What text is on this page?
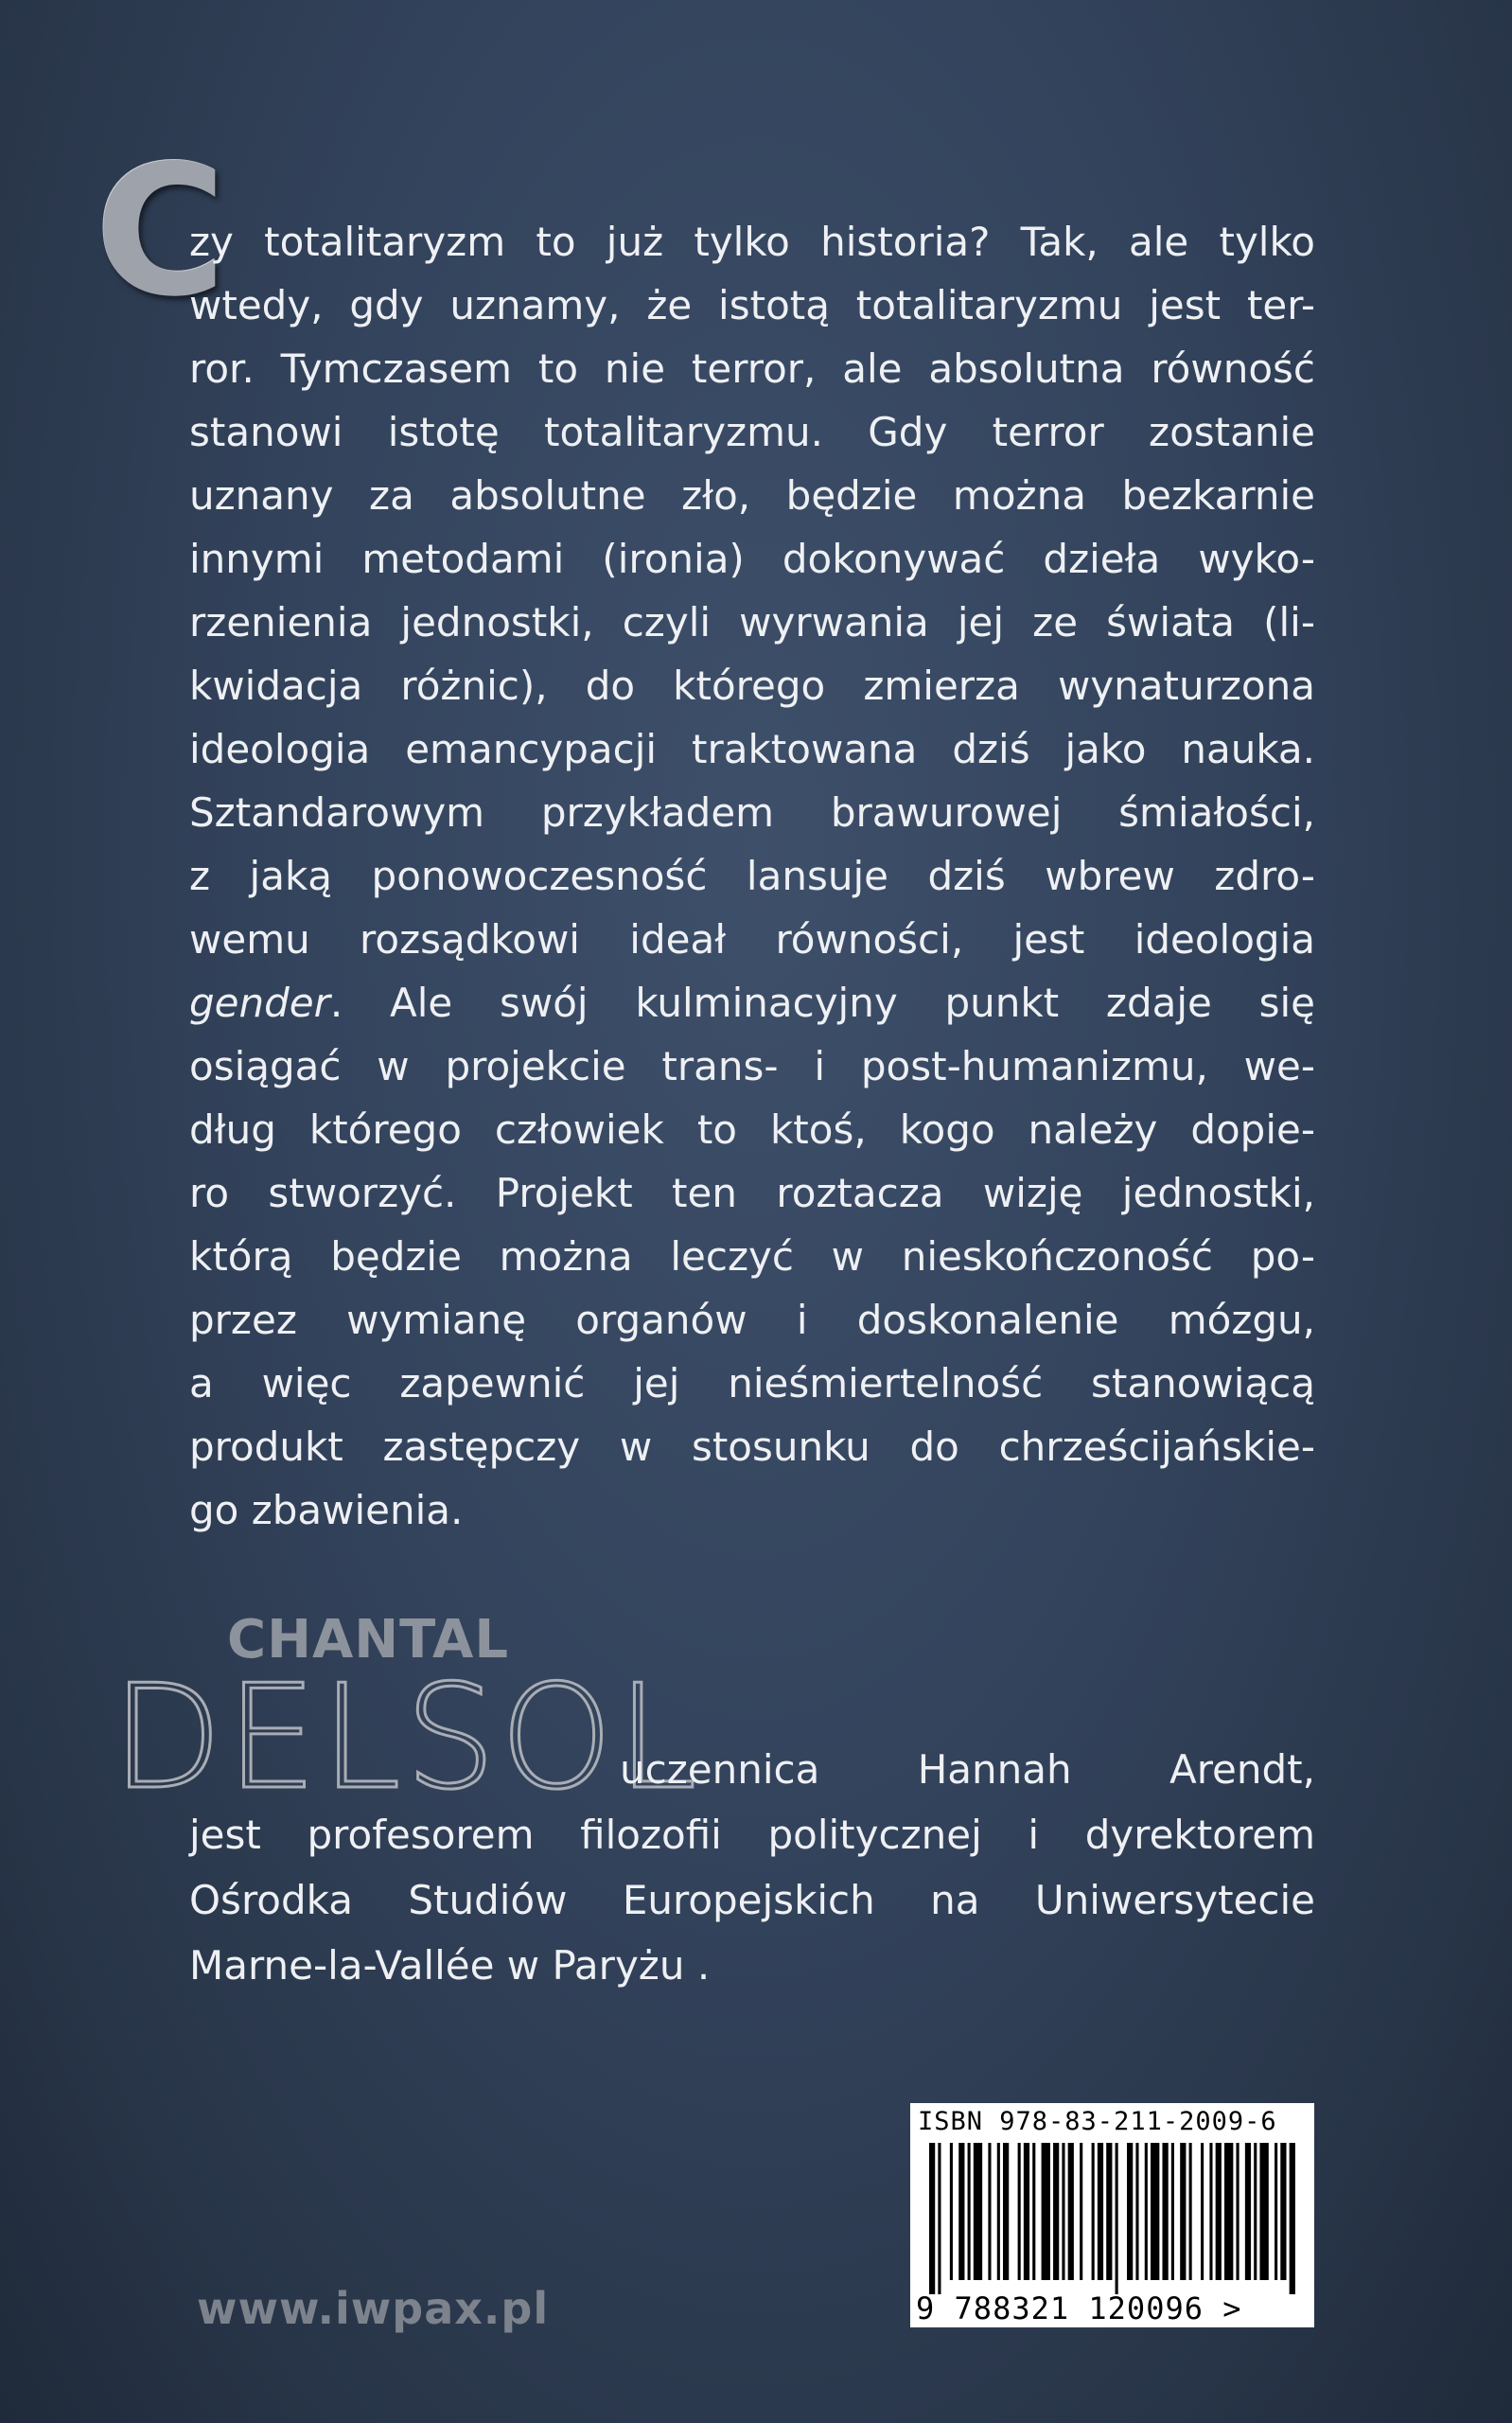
C
zy totalitaryzm to już tylko historia? Tak, ale tylko
wtedy, gdy uznamy, że istotą totalitaryzmu jest ter-
ror. Tymczasem to nie terror, ale absolutna równość
stanowi istotę totalitaryzmu. Gdy terror zostanie
uznany za absolutne zło, będzie można bezkarnie
innymi metodami (ironia) dokonywać dzieła wyko-
rzenienia jednostki, czyli wyrwania jej ze świata (li-
kwidacja różnic), do którego zmierza wynaturzona
ideologia emancypacji traktowana dziś jako nauka.
Sztandarowym przykładem brawurowej śmiałości,
z jaką ponowoczesność lansuje dziś wbrew zdro-
wemu rozsądkowi ideał równości, jest ideologia
gender. Ale swój kulminacyjny punkt zdaje się
osiągać w projekcie trans- i post-humanizmu, we-
dług którego człowiek to ktoś, kogo należy dopie-
ro stworzyć. Projekt ten roztacza wizję jednostki,
którą będzie można leczyć w nieskończoność po-
przez wymianę organów i doskonalenie mózgu,
a więc zapewnić jej nieśmiertelność stanowiącą
produkt zastępczy w stosunku do chrześcijańskie-
go zbawienia.
CHANTAL
DELSOL
uczennica Hannah Arendt,
jest profesorem filozofii politycznej i dyrektorem
Ośrodka Studiów Europejskich na Uniwersytecie
Marne-la-Vallée w Paryżu .
ISBN 978-83-211-2009-6
9 788321 120096 >
www.iwpax.pl
